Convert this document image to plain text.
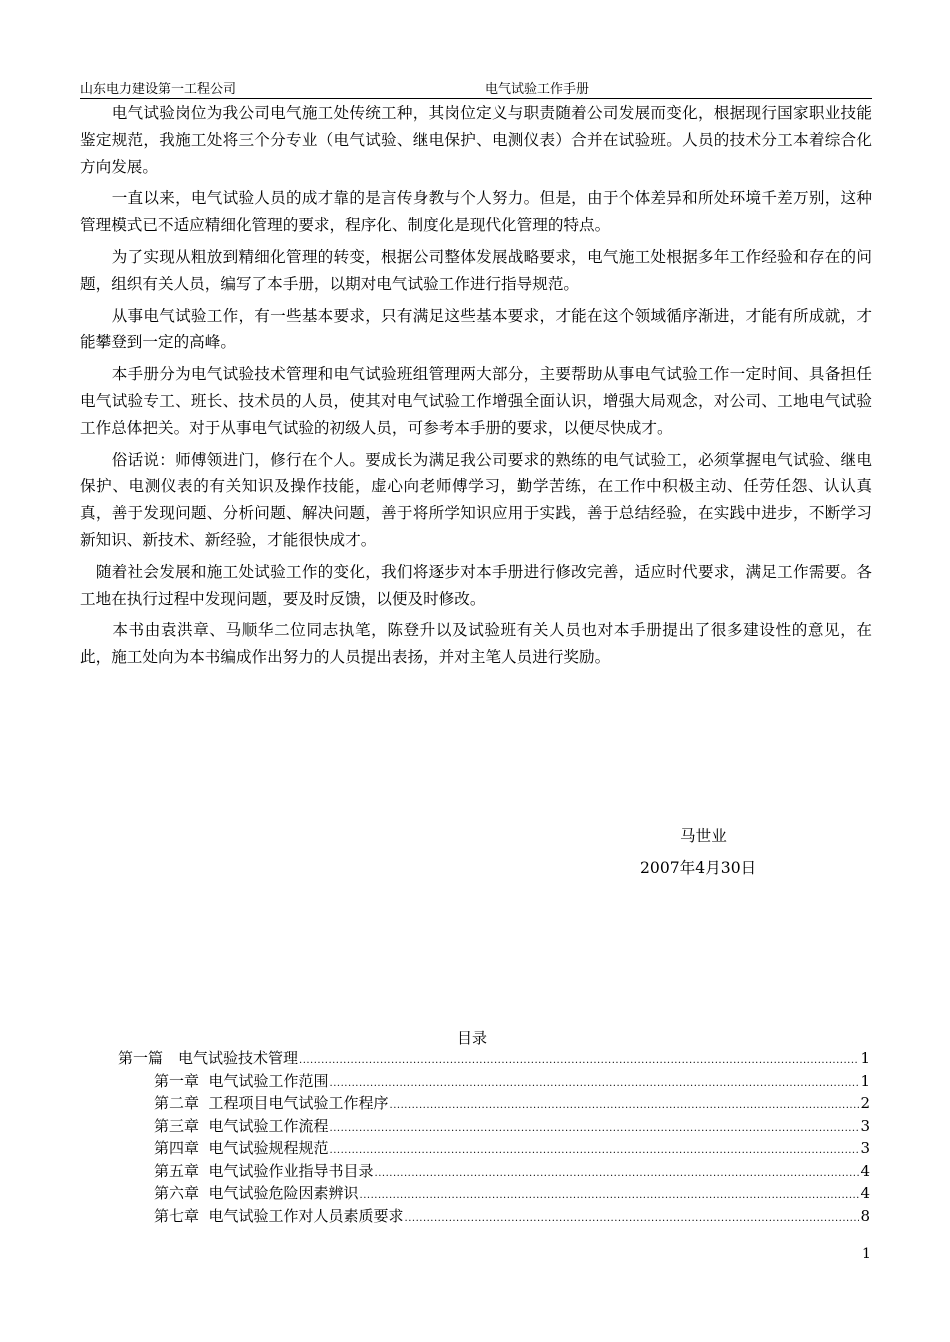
山东电力建设第一工程公司	电气试验工作手册

　　电气试验岗位为我公司电气施工处传统工种，其岗位定义与职责随着公司发展而变化，根据现行国家职业技能鉴定规范，我施工处将三个分专业（电气试验、继电保护、电测仪表）合并在试验班。人员的技术分工本着综合化方向发展。

　　一直以来，电气试验人员的成才靠的是言传身教与个人努力。但是，由于个体差异和所处环境千差万别，这种管理模式已不适应精细化管理的要求，程序化、制度化是现代化管理的特点。

　　为了实现从粗放到精细化管理的转变，根据公司整体发展战略要求，电气施工处根据多年工作经验和存在的问题，组织有关人员，编写了本手册，以期对电气试验工作进行指导规范。

　　从事电气试验工作，有一些基本要求，只有满足这些基本要求，才能在这个领域循序渐进，才能有所成就，才能攀登到一定的高峰。

　　本手册分为电气试验技术管理和电气试验班组管理两大部分，主要帮助从事电气试验工作一定时间、具备担任电气试验专工、班长、技术员的人员，使其对电气试验工作增强全面认识，增强大局观念，对公司、工地电气试验工作总体把关。对于从事电气试验的初级人员，可参考本手册的要求，以便尽快成才。

　　俗话说：师傅领进门，修行在个人。要成长为满足我公司要求的熟练的电气试验工，必须掌握电气试验、继电保护、电测仪表的有关知识及操作技能，虚心向老师傅学习，勤学苦练，在工作中积极主动、任劳任怨、认认真真，善于发现问题、分析问题、解决问题，善于将所学知识应用于实践，善于总结经验，在实践中进步，不断学习新知识、新技术、新经验，才能很快成才。

　随着社会发展和施工处试验工作的变化，我们将逐步对本手册进行修改完善，适应时代要求，满足工作需要。各工地在执行过程中发现问题，要及时反馈，以便及时修改。

　　本书由袁洪章、马顺华二位同志执笔，陈登升以及试验班有关人员也对本手册提出了很多建设性的意见，在此，施工处向为本书编成作出努力的人员提出表扬，并对主笔人员进行奖励。

马世业
2007年4月30日
目录
第一篇　电气试验技术管理 .....	1
第一章  电气试验工作范围 .....	1
第二章  工程项目电气试验工作程序 .....	2
第三章  电气试验工作流程 .....	3
第四章  电气试验规程规范 .....	3
第五章  电气试验作业指导书目录 .....	4
第六章  电气试验危险因素辨识 .....	4
第七章  电气试验工作对人员素质要求 .....	8
1
